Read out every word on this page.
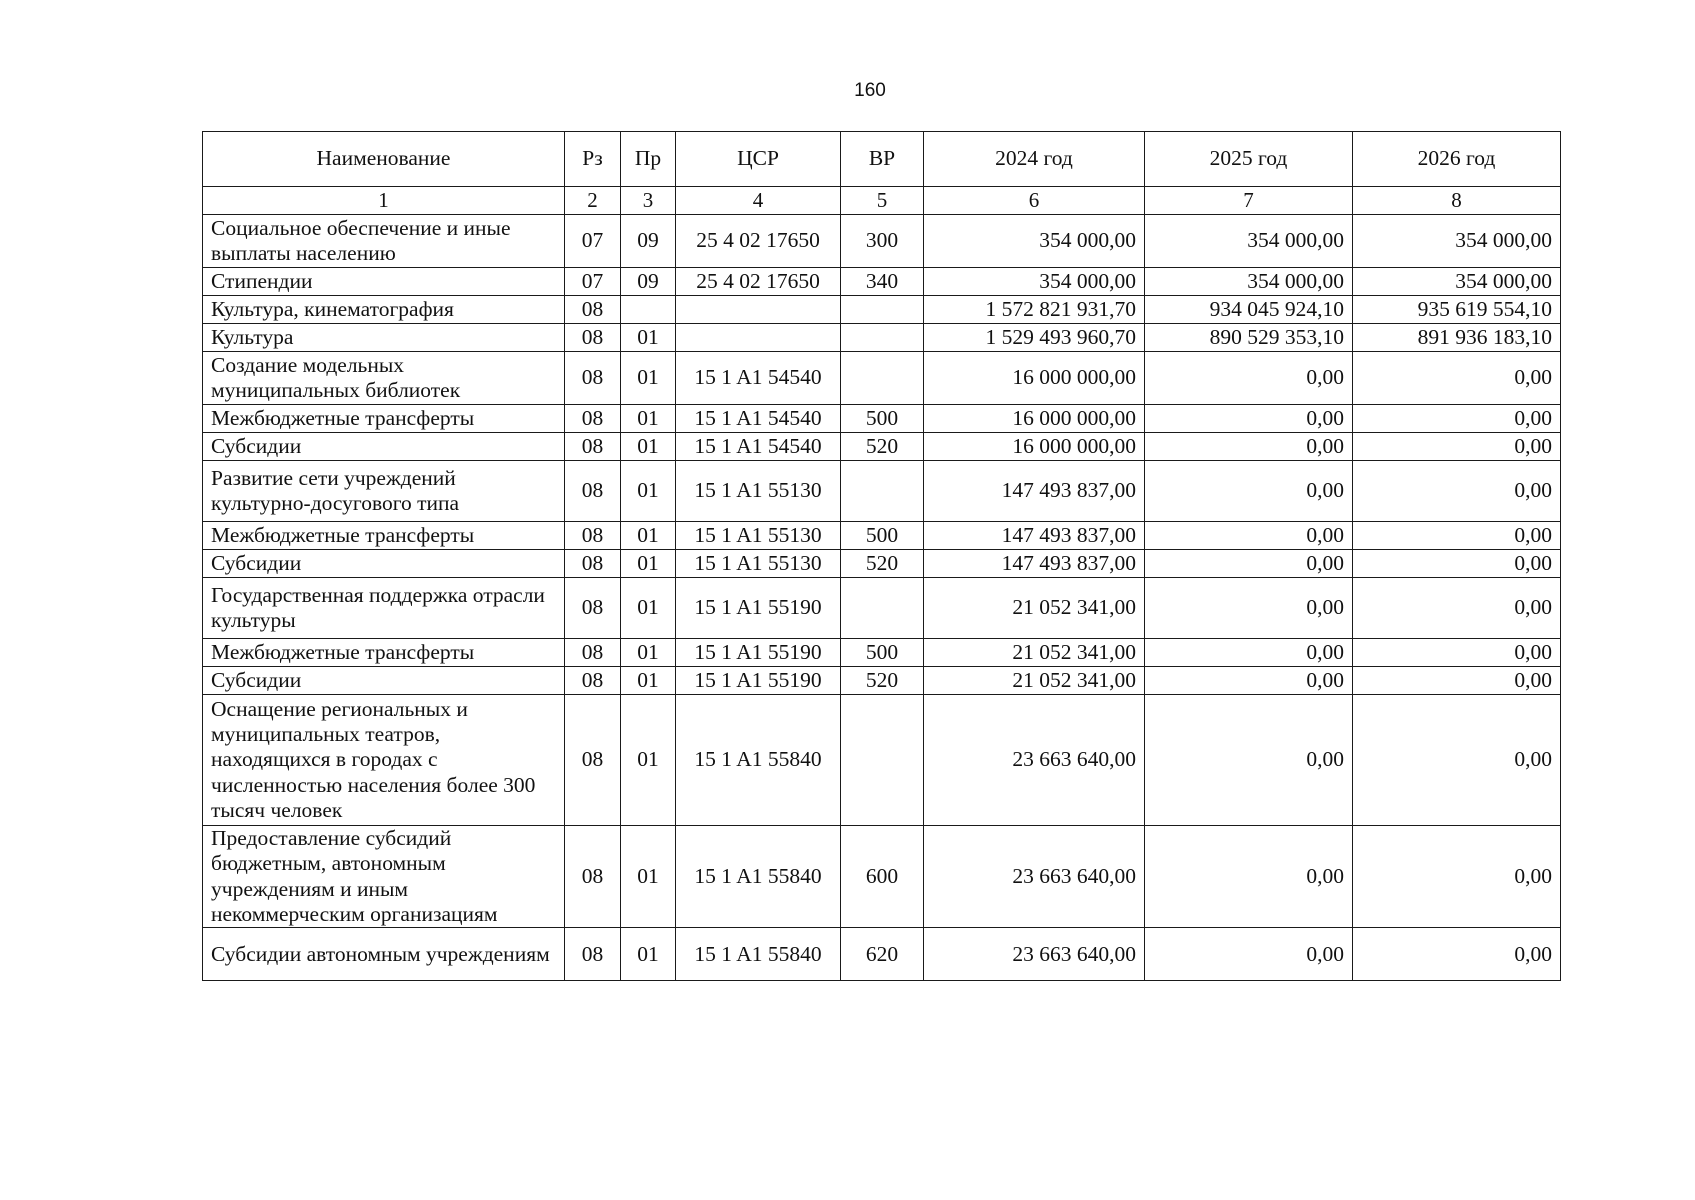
160
Наименование	Рз	Пр	ЦСР	ВР	2024 год	2025 год	2026 год
1	2	3	4	5	6	7	8
Социальное обеспечение и иные выплаты населению	07	09	25 4 02 17650	300	354 000,00	354 000,00	354 000,00
Стипендии	07	09	25 4 02 17650	340	354 000,00	354 000,00	354 000,00
Культура, кинематография	08				1 572 821 931,70	934 045 924,10	935 619 554,10
Культура	08	01			1 529 493 960,70	890 529 353,10	891 936 183,10
Создание модельных муниципальных библиотек	08	01	15 1 A1 54540		16 000 000,00	0,00	0,00
Межбюджетные трансферты	08	01	15 1 A1 54540	500	16 000 000,00	0,00	0,00
Субсидии	08	01	15 1 A1 54540	520	16 000 000,00	0,00	0,00
Развитие сети учреждений культурно-досугового типа	08	01	15 1 A1 55130		147 493 837,00	0,00	0,00
Межбюджетные трансферты	08	01	15 1 A1 55130	500	147 493 837,00	0,00	0,00
Субсидии	08	01	15 1 A1 55130	520	147 493 837,00	0,00	0,00
Государственная поддержка отрасли культуры	08	01	15 1 A1 55190		21 052 341,00	0,00	0,00
Межбюджетные трансферты	08	01	15 1 A1 55190	500	21 052 341,00	0,00	0,00
Субсидии	08	01	15 1 A1 55190	520	21 052 341,00	0,00	0,00
Оснащение региональных и муниципальных театров, находящихся в городах с численностью населения более 300 тысяч человек	08	01	15 1 A1 55840		23 663 640,00	0,00	0,00
Предоставление субсидий бюджетным, автономным учреждениям и иным некоммерческим организациям	08	01	15 1 A1 55840	600	23 663 640,00	0,00	0,00
Субсидии автономным учреждениям	08	01	15 1 A1 55840	620	23 663 640,00	0,00	0,00
